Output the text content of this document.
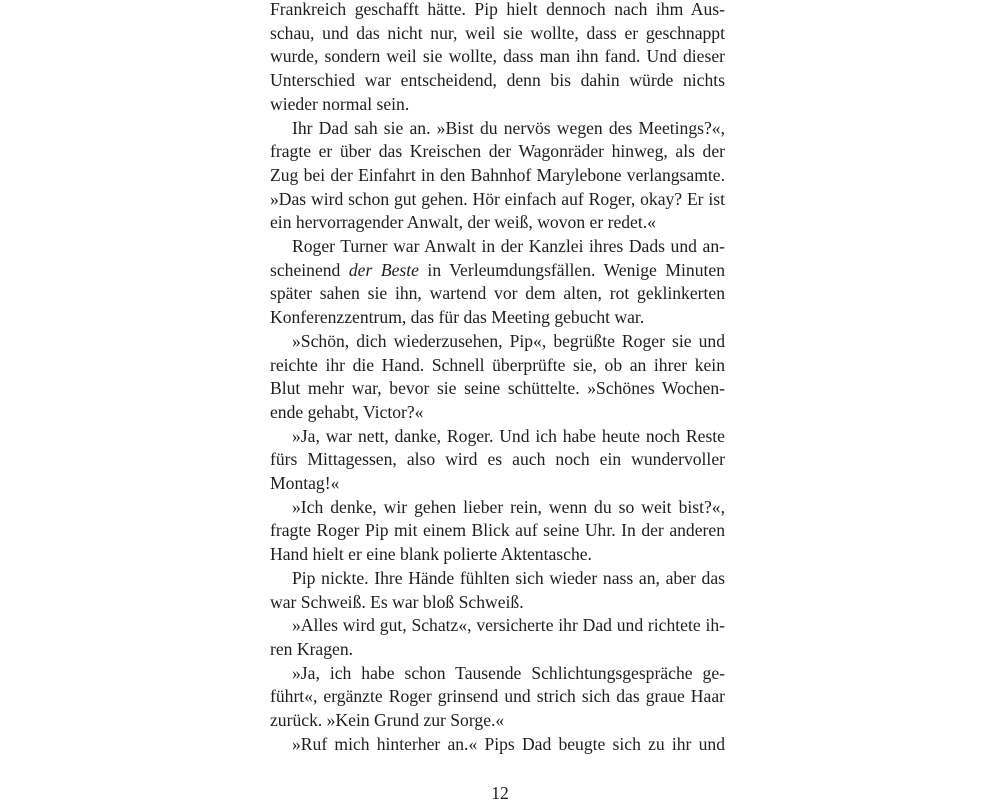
Frankreich geschafft hätte. Pip hielt dennoch nach ihm Aus-
schau, und das nicht nur, weil sie wollte, dass er geschnappt
wurde, sondern weil sie wollte, dass man ihn fand. Und dieser
Unterschied war entscheidend, denn bis dahin würde nichts
wieder normal sein.

Ihr Dad sah sie an. »Bist du nervös wegen des Meetings?«,
fragte er über das Kreischen der Wagonräder hinweg, als der
Zug bei der Einfahrt in den Bahnhof Marylebone verlangsamte.
»Das wird schon gut gehen. Hör einfach auf Roger, okay? Er ist
ein hervorragender Anwalt, der weiß, wovon er redet.«

Roger Turner war Anwalt in der Kanzlei ihres Dads und an-
scheinend der Beste in Verleumdungsfällen. Wenige Minuten
später sahen sie ihn, wartend vor dem alten, rot geklinkerten
Konferenzzentrum, das für das Meeting gebucht war.

»Schön, dich wiederzusehen, Pip«, begrüßte Roger sie und
reichte ihr die Hand. Schnell überprüfte sie, ob an ihrer kein
Blut mehr war, bevor sie seine schüttelte. »Schönes Wochen-
ende gehabt, Victor?«

»Ja, war nett, danke, Roger. Und ich habe heute noch Reste
fürs Mittagessen, also wird es auch noch ein wundervoller
Montag!«

»Ich denke, wir gehen lieber rein, wenn du so weit bist?«,
fragte Roger Pip mit einem Blick auf seine Uhr. In der anderen
Hand hielt er eine blank polierte Aktentasche.

Pip nickte. Ihre Hände fühlten sich wieder nass an, aber das
war Schweiß. Es war bloß Schweiß.

»Alles wird gut, Schatz«, versicherte ihr Dad und richtete ih-
ren Kragen.

»Ja, ich habe schon Tausende Schlichtungsgespräche ge-
führt«, ergänzte Roger grinsend und strich sich das graue Haar
zurück. »Kein Grund zur Sorge.«

»Ruf mich hinterher an.« Pips Dad beugte sich zu ihr und

12
